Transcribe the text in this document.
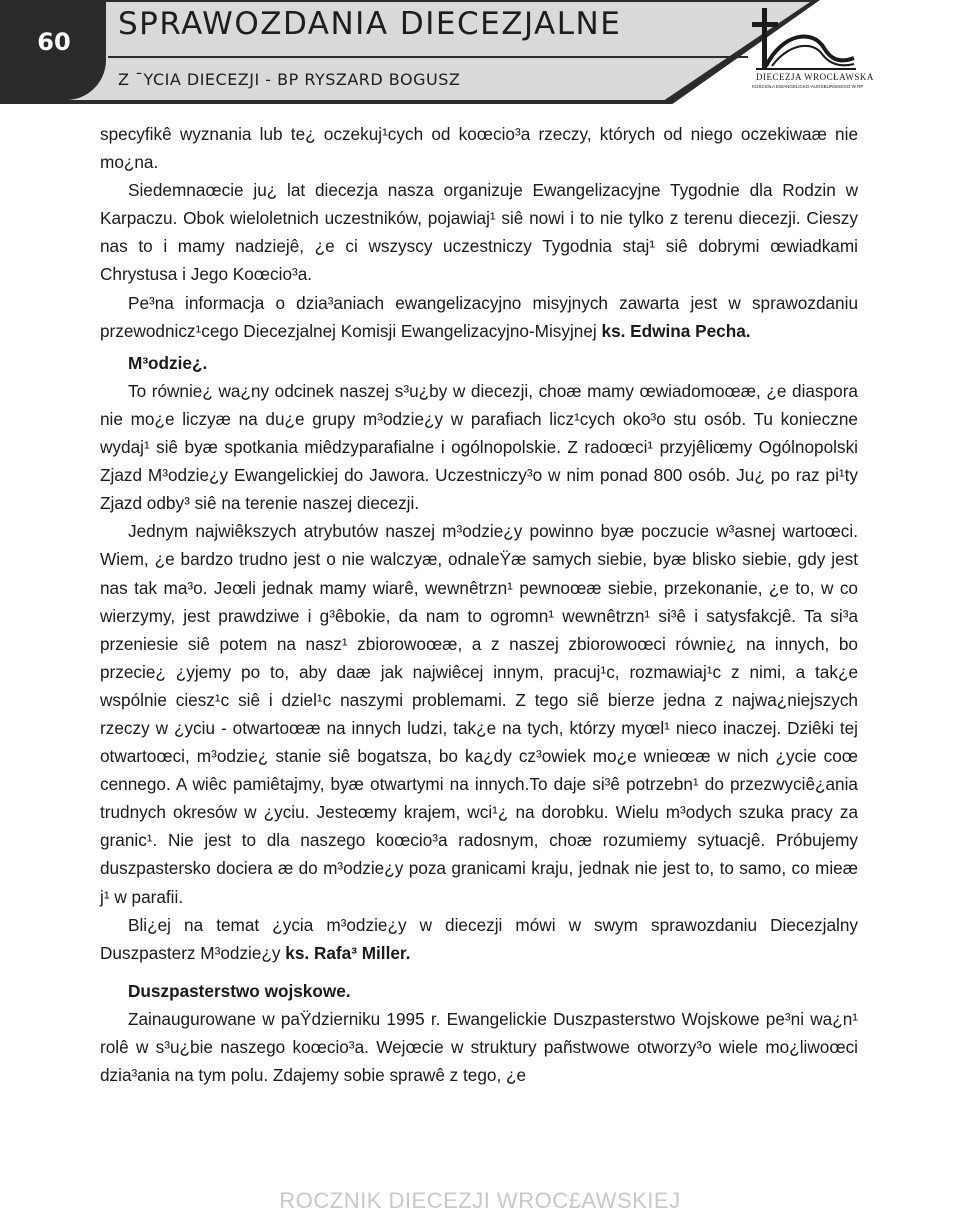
60	SPRAWOZDANIA DIECEZJALNE
Z ¯YCIA DIECEZJI - BP RYSZARD BOGUSZ	DIECEZJA WROCŁAWSKA
KOŚCIOŁA EWANGELICKO-AUGSBURSKIEGO W RP

specyfikê wyznania lub te¿ oczekuj¹cych od koœcio³a rzeczy, których od niego oczekiwaæ nie mo¿na.

Siedemnaœcie ju¿ lat diecezja nasza organizuje Ewangelizacyjne Tygodnie dla Rodzin w Karpaczu. Obok wieloletnich uczestników, pojawiaj¹ siê nowi i to nie tylko z terenu diecezji. Cieszy nas to i mamy nadziejê, ¿e ci wszyscy uczestniczy Tygodnia staj¹ siê dobrymi œwiadkami Chrystusa i Jego Koœcio³a.

Pe³na informacja o dzia³aniach ewangelizacyjno misyjnych zawarta jest w sprawozdaniu przewodnicz¹cego Diecezjalnej Komisji Ewangelizacyjno-Misyjnej ks. Edwina Pecha.

M³odzie¿.

To równie¿ wa¿ny odcinek naszej s³u¿by w diecezji, choæ mamy œwiadomoœæ, ¿e diaspora nie mo¿e liczyæ na du¿e grupy m³odzie¿y w parafiach licz¹cych oko³o stu osób. Tu konieczne wydaj¹ siê byæ spotkania miêdzyparafialne i ogólnopolskie. Z radoœci¹ przyjêliœmy Ogólnopolski Zjazd M³odzie¿y Ewangelickiej do Jawora. Uczestniczy³o w nim ponad 800 osób. Ju¿ po raz pi¹ty Zjazd odby³ siê na terenie naszej diecezji.

Jednym najwiêkszych atrybutów naszej m³odzie¿y powinno byæ poczucie w³asnej wartoœci. Wiem, ¿e bardzo trudno jest o nie walczyæ, odnaleŸæ samych siebie, byæ blisko siebie, gdy jest nas tak ma³o. Jeœli jednak mamy wiarê, wewnêtrzn¹ pewnoœæ siebie, przekonanie, ¿e to, w co wierzymy, jest prawdziwe i g³êbokie, da nam to ogromn¹ wewnêtrzn¹ si³ê i satysfakcjê. Ta si³a przeniesie siê potem na nasz¹ zbiorowoœæ, a z naszej zbiorowoœci równie¿ na innych, bo przecie¿ ¿yjemy po to, aby daæ jak najwiêcej innym, pracuj¹c, rozmawiaj¹c z nimi, a tak¿e wspólnie ciesz¹c siê i dziel¹c naszymi problemami. Z tego siê bierze jedna z najwa¿niejszych rzeczy w ¿yciu - otwartoœæ na innych ludzi, tak¿e na tych, którzy myœl¹ nieco inaczej. Dziêki tej otwartoœci, m³odzie¿ stanie siê bogatsza, bo ka¿dy cz³owiek mo¿e wnieœæ w nich ¿ycie coœ cennego. A wiêc pamiêtajmy, byæ otwartymi na innych.To daje si³ê potrzebn¹ do przezwyciê¿ania trudnych okresów w ¿yciu. Jesteœmy krajem, wci¹¿ na dorobku. Wielu m³odych szuka pracy za granic¹. Nie jest to dla naszego koœcio³a radosnym, choæ rozumiemy sytuacjê. Próbujemy duszpastersko dociera æ do m³odzie¿y poza granicami kraju, jednak nie jest to, to samo, co mieæ j¹ w parafii.

Bli¿ej na temat ¿ycia m³odzie¿y w diecezji mówi w swym sprawozdaniu Diecezjalny Duszpasterz M³odzie¿y ks. Rafa³ Miller.

Duszpasterstwo wojskowe.

Zainaugurowane w paŸdzierniku 1995 r. Ewangelickie Duszpasterstwo Wojskowe pe³ni wa¿n¹ rolê w s³u¿bie naszego koœcio³a. Wejœcie w struktury pañstwowe otworzy³o wiele mo¿liwoœci dzia³ania na tym polu. Zdajemy sobie sprawê z tego, ¿e

ROCZNIK DIECEZJI WROC£AWSKIEJ
